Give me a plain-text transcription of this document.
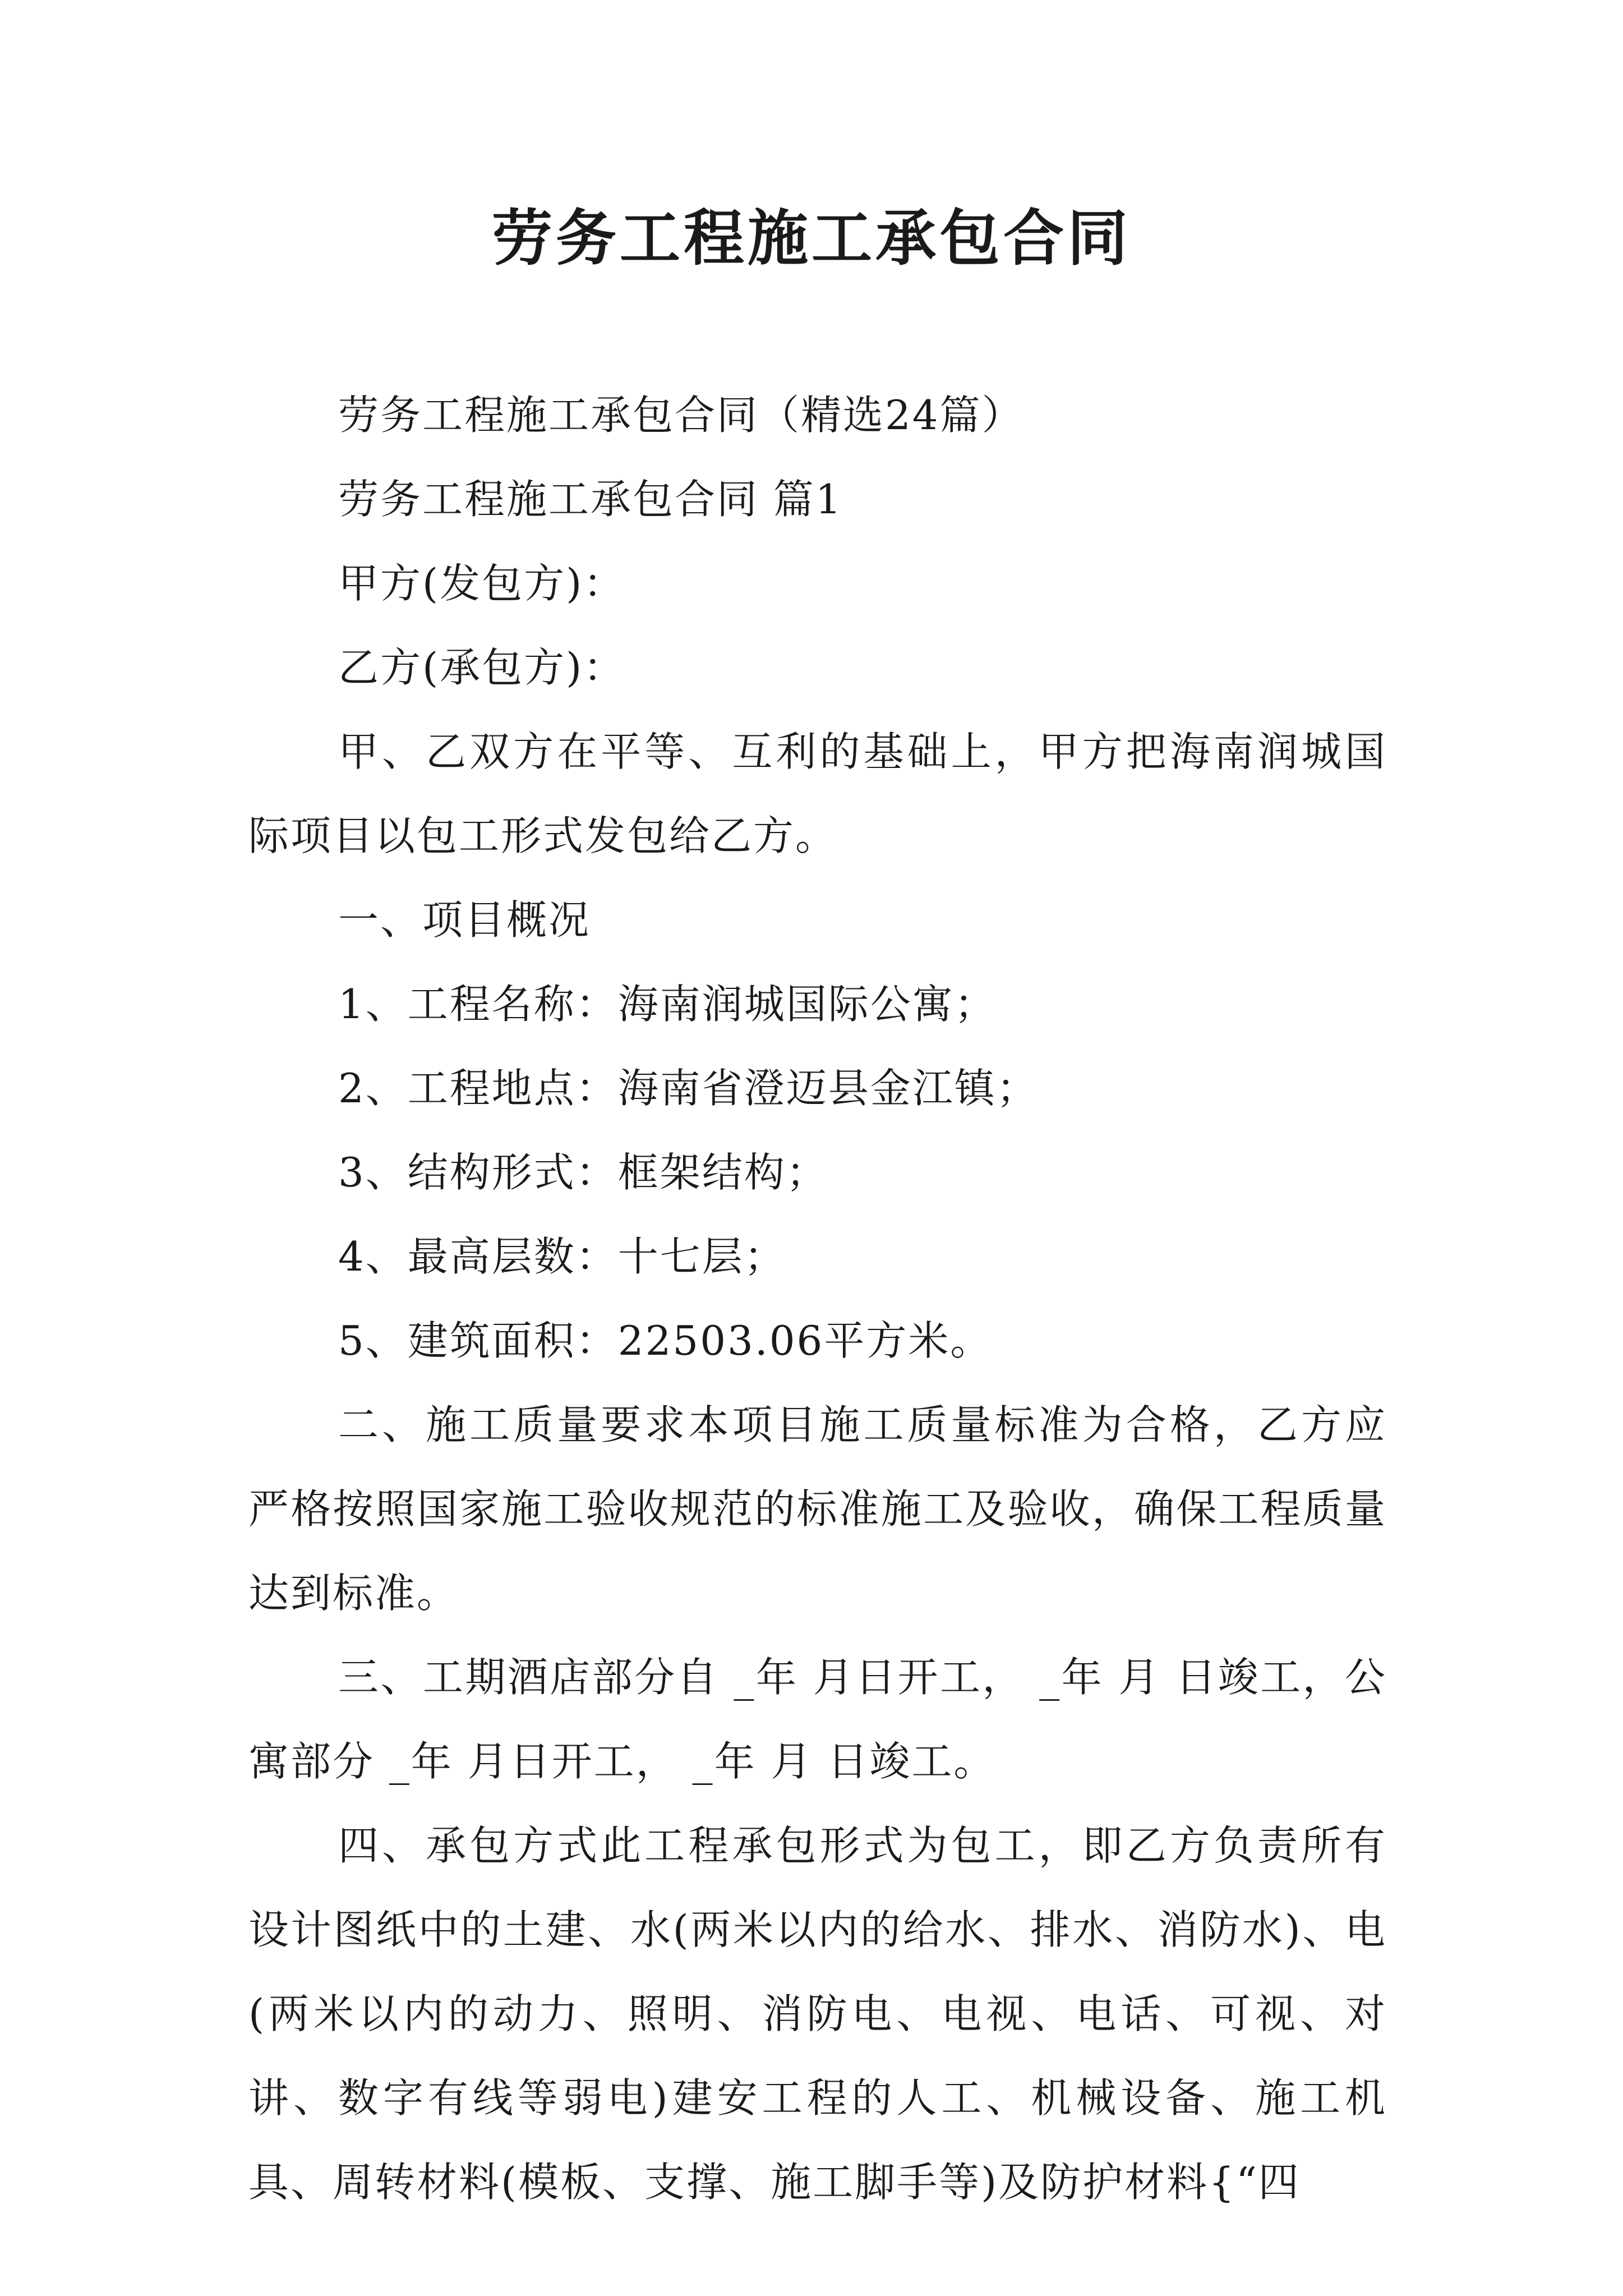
劳务工程施工承包合同

劳务工程施工承包合同（精选24篇）

劳务工程施工承包合同 篇1

甲方(发包方)：

乙方(承包方)：

甲、乙双方在平等、互利的基础上，甲方把海南润城国际项目以包工形式发包给乙方。

一、项目概况

1、工程名称：海南润城国际公寓；

2、工程地点：海南省澄迈县金江镇；

3、结构形式：框架结构；

4、最高层数：十七层；

5、建筑面积：22503.06平方米。

二、施工质量要求本项目施工质量标准为合格，乙方应严格按照国家施工验收规范的标准施工及验收，确保工程质量达到标准。

三、工期酒店部分自 _年 月日开工， _年 月 日竣工，公寓部分 _年 月日开工， _年 月 日竣工。

四、承包方式此工程承包形式为包工，即乙方负责所有设计图纸中的土建、水(两米以内的给水、排水、消防水)、电(两米以内的动力、照明、消防电、电视、电话、可视、对讲、数字有线等弱电)建安工程的人工、机械设备、施工机具、周转材料(模板、支撑、施工脚手等)及防护材料{“四
